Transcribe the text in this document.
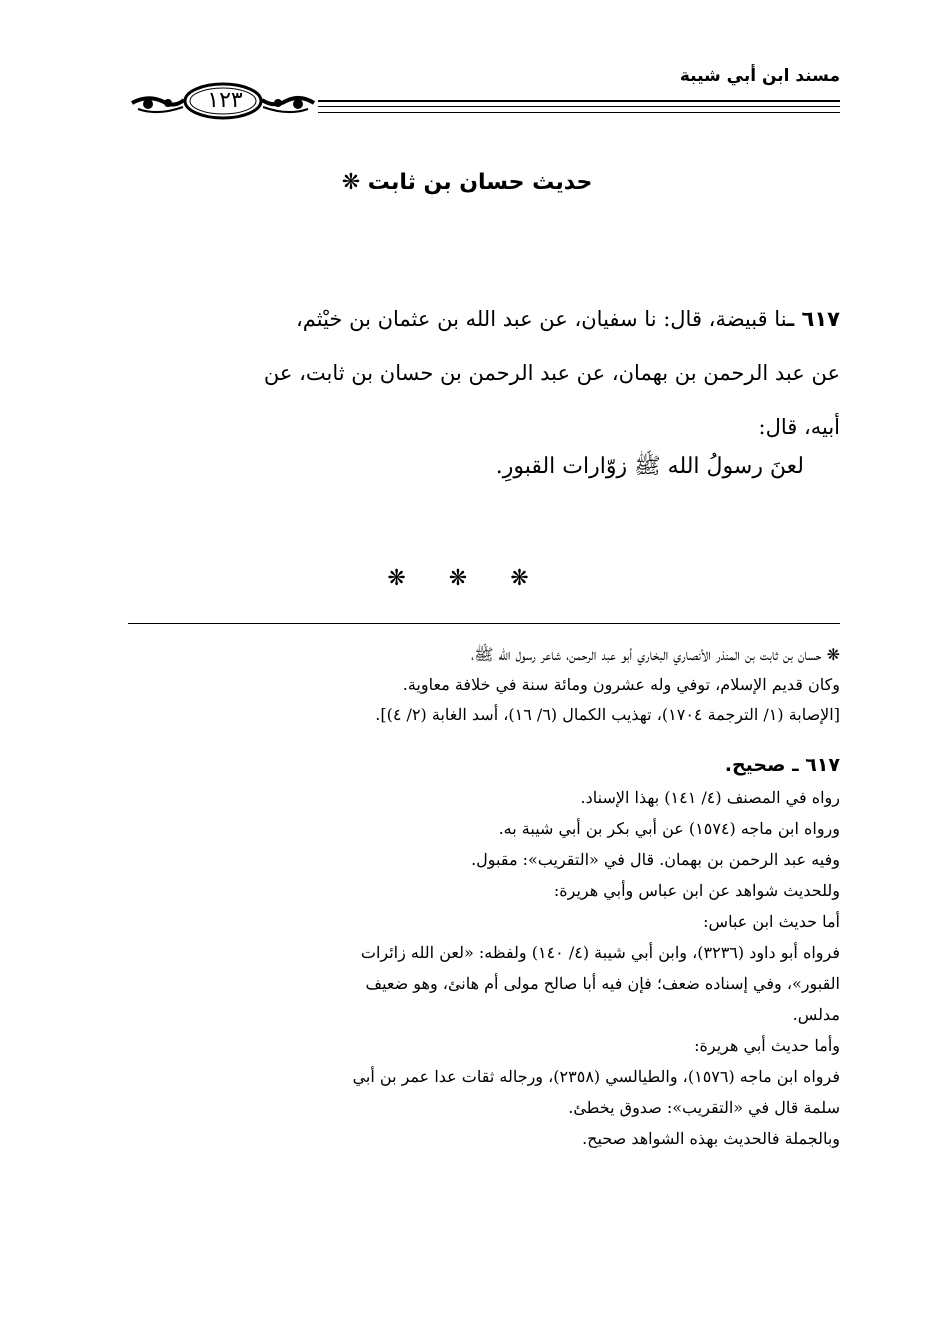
مسند ابن أبي شيبة
١٢٣
حديث حسان بن ثابت ❋

٦١٧ ـنا قبيضة، قال: نا سفيان، عن عبد الله بن عثمان بن خيْثم،

عن عبد الرحمن بن بهمان، عن عبد الرحمن بن حسان بن ثابت، عن

أبيه، قال:

لعنَ رسولُ الله ﷺ زوّارات القبورِ.
❋ ❋ ❋

❋ حسان بن ثابت بن المنذر الأنصاري البخاري أبو عبد الرحمن، شاعر رسول الله ﷺ،

وكان قديم الإسلام، توفي وله عشرون ومائة سنة في خلافة معاوية.

[الإصابة (١/ الترجمة ١٧٠٤)، تهذيب الكمال (٦/ ١٦)، أسد الغابة (٢/ ٤)].

٦١٧ ـ صحيح.

رواه في المصنف (٤/ ١٤١) بهذا الإسناد.

ورواه ابن ماجه (١٥٧٤) عن أبي بكر بن أبي شيبة به.

وفيه عبد الرحمن بن بهمان. قال في «التقريب»: مقبول.

وللحديث شواهد عن ابن عباس وأبي هريرة:

أما حديث ابن عباس:

فرواه أبو داود (٣٢٣٦)، وابن أبي شيبة (٤/ ١٤٠) ولفظه: «لعن الله زائرات

القبور»، وفي إسناده ضعف؛ فإن فيه أبا صالح مولى أم هانئ، وهو ضعيف

مدلس.

وأما حديث أبي هريرة:

فرواه ابن ماجه (١٥٧٦)، والطيالسي (٢٣٥٨)، ورجاله ثقات عدا عمر بن أبي

سلمة قال في «التقريب»: صدوق يخطئ.

وبالجملة فالحديث بهذه الشواهد صحيح.
